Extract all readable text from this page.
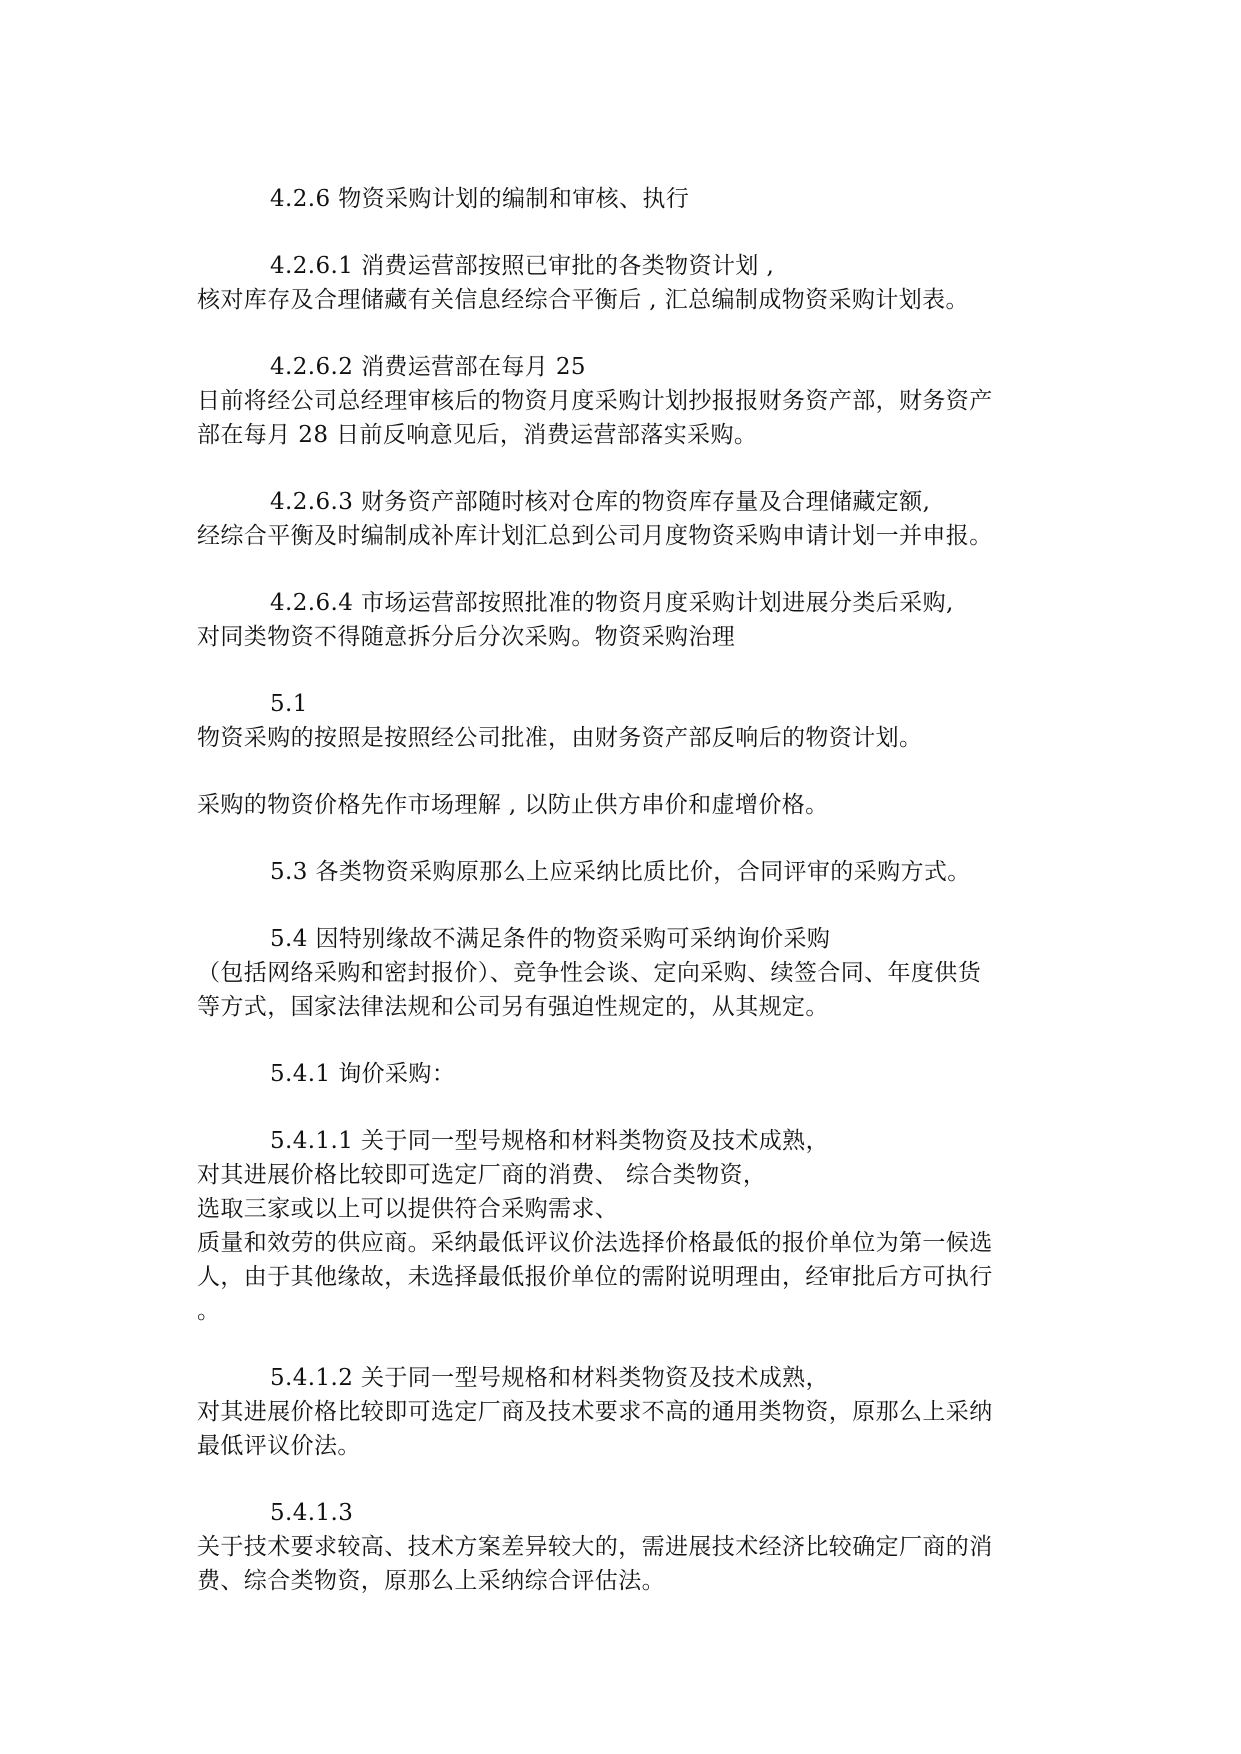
4.2.6 物资采购计划的编制和审核、执行
4.2.6.1 消费运营部按照已审批的各类物资计划 ,
核对库存及合理储藏有关信息经综合平衡后 , 汇总编制成物资采购计划表。
4.2.6.2 消费运营部在每月 25
日前将经公司总经理审核后的物资月度采购计划抄报报财务资产部，财务资产
部在每月 28 日前反响意见后，消费运营部落实采购。
4.2.6.3 财务资产部随时核对仓库的物资库存量及合理储藏定额,
经综合平衡及时编制成补库计划汇总到公司月度物资采购申请计划一并申报。
4.2.6.4 市场运营部按照批准的物资月度采购计划进展分类后采购,
对同类物资不得随意拆分后分次采购。物资采购治理
5.1
物资采购的按照是按照经公司批准，由财务资产部反响后的物资计划。
采购的物资价格先作市场理解 , 以防止供方串价和虚增价格。
5.3 各类物资采购原那么上应采纳比质比价，合同评审的采购方式。
5.4 因特别缘故不满足条件的物资采购可采纳询价采购
（包括网络采购和密封报价）、竞争性会谈、定向采购、续签合同、年度供货
等方式，国家法律法规和公司另有强迫性规定的，从其规定。
5.4.1 询价采购：
5.4.1.1 关于同一型号规格和材料类物资及技术成熟，
对其进展价格比较即可选定厂商的消费、 综合类物资，
选取三家或以上可以提供符合采购需求、
质量和效劳的供应商。采纳最低评议价法选择价格最低的报价单位为第一候选
人，由于其他缘故，未选择最低报价单位的需附说明理由，经审批后方可执行
。
5.4.1.2 关于同一型号规格和材料类物资及技术成熟，
对其进展价格比较即可选定厂商及技术要求不高的通用类物资，原那么上采纳
最低评议价法。
5.4.1.3
关于技术要求较高、技术方案差异较大的，需进展技术经济比较确定厂商的消
费、综合类物资，原那么上采纳综合评估法。
